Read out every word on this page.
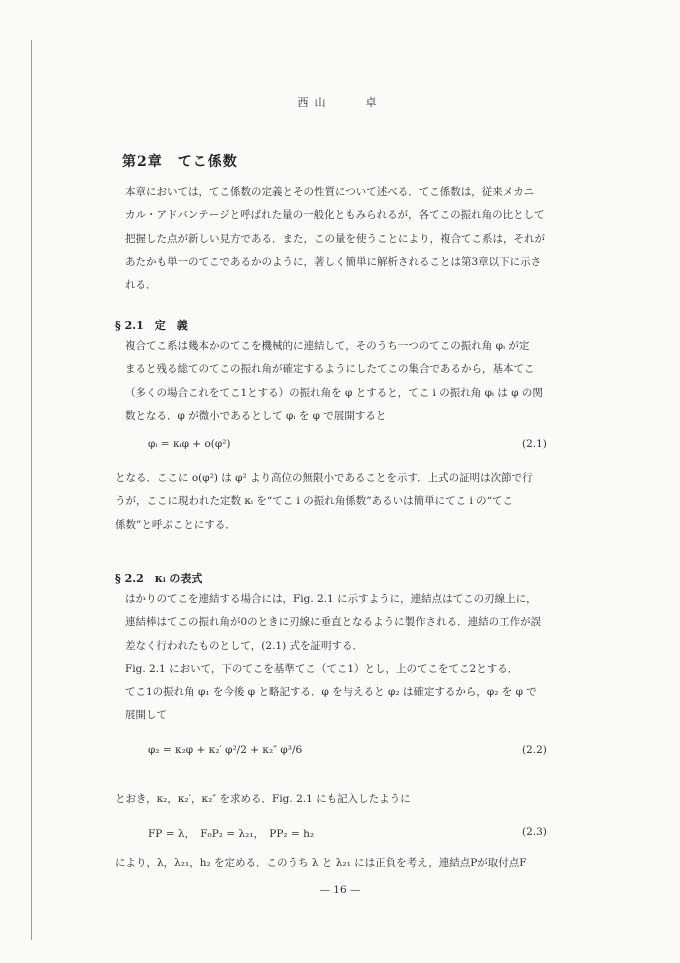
西山　　卓
第2章　てこ係数
本章においては，てこ係数の定義とその性質について述べる．てこ係数は，従来メカニ
カル・アドバンテージと呼ばれた量の一般化ともみられるが，各てこの振れ角の比として
把握した点が新しい見方である．また，この量を使うことにより，複合てこ系は，それが
あたかも単一のてこであるかのように，著しく簡単に解析されることは第3章以下に示さ
れる．
§ 2.1　定　義
複合てこ系は幾本かのてこを機械的に連結して，そのうち一つのてこの振れ角 φᵢ が定
まると残る総てのてこの振れ角が確定するようにしたてこの集合であるから，基本てこ
（多くの場合これをてこ1とする）の振れ角を φ とすると，てこ i の振れ角 φᵢ は φ の関
数となる．φ が微小であるとして φᵢ を φ で展開すると
φᵢ = κᵢφ + o(φ²)	(2.1)
となる．ここに o(φ²) は φ² より高位の無限小であることを示す．上式の証明は次節で行
うが，ここに現われた定数 κᵢ を“てこ i の振れ角係数”あるいは簡単にてこ i の“てこ
係数”と呼ぶことにする．
§ 2.2　κᵢ の表式
はかりのてこを連結する場合には，Fig. 2.1 に示すように，連結点はてこの刃線上に，
連結棒はてこの振れ角が0のときに刃線に垂直となるように製作される．連結の工作が誤
差なく行われたものとして，(2.1) 式を証明する．
Fig. 2.1 において，下のてこを基準てこ（てこ1）とし，上のてこをてこ2とする．
てこ1の振れ角 φ₁ を今後 φ と略記する．φ を与えると φ₂ は確定するから，φ₂ を φ で
展開して
φ₂ = κ₂φ + κ₂′ φ²/2 + κ₂″ φ³/6	(2.2)
とおき，κ₂，κ₂′，κ₂″ を求める．Fig. 2.1 にも記入したように
FP = λ，　F₀P₂ = λ₂₁，　PP₂ = h₂	(2.3)
により，λ，λ₂₁，h₂ を定める．このうち λ と λ₂₁ には正負を考え，連結点Pが取付点F
— 16 —
